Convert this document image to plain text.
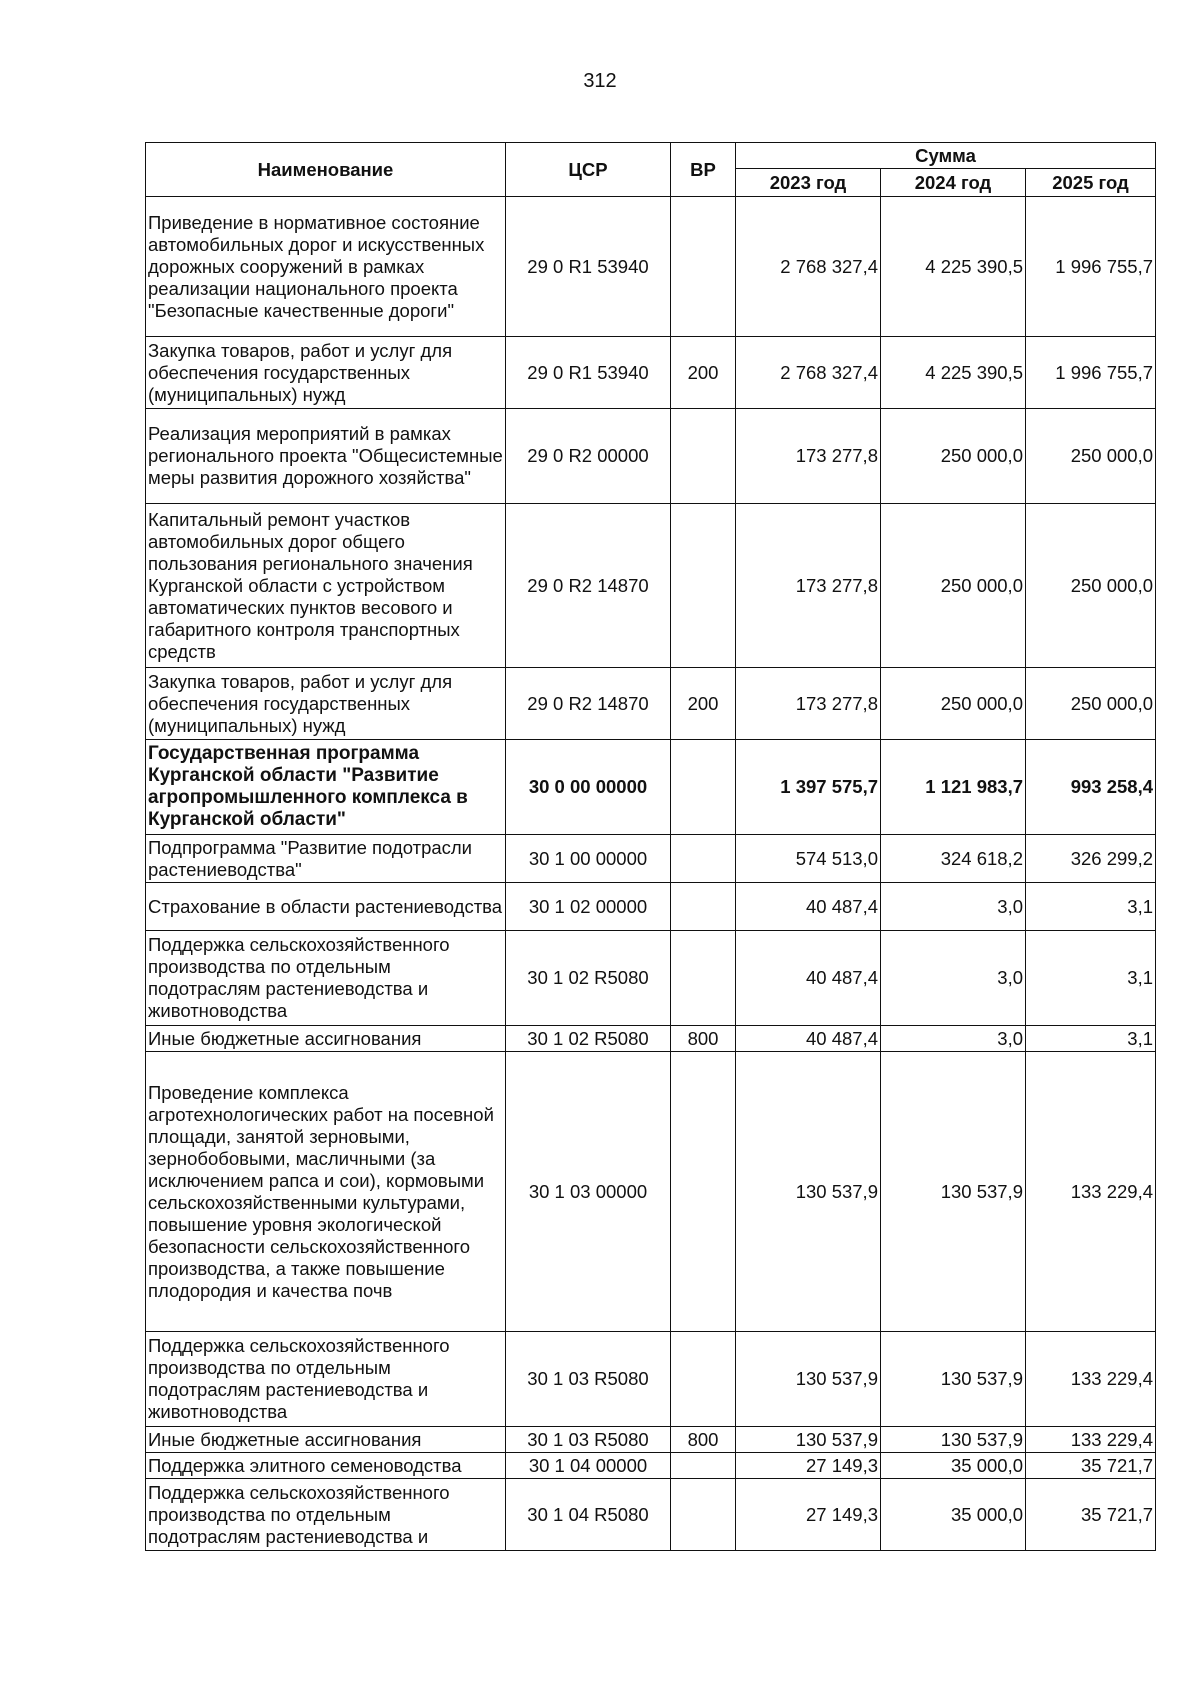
312
Наименование	ЦСР	ВР	Сумма		
			2023 год	2024 год	2025 год
Приведение в нормативное состояние автомобильных дорог и искусственных дорожных сооружений в рамках реализации национального проекта "Безопасные качественные дороги"	29 0 R1 53940		2 768 327,4	4 225 390,5	1 996 755,7
Закупка товаров, работ и услуг для обеспечения государственных (муниципальных) нужд	29 0 R1 53940	200	2 768 327,4	4 225 390,5	1 996 755,7
Реализация мероприятий в рамках регионального проекта "Общесистемные меры развития дорожного хозяйства"	29 0 R2 00000		173 277,8	250 000,0	250 000,0
Капитальный ремонт участков автомобильных дорог общего пользования регионального значения Курганской области с устройством автоматических пунктов весового и габаритного контроля транспортных средств	29 0 R2 14870		173 277,8	250 000,0	250 000,0
Закупка товаров, работ и услуг для обеспечения государственных (муниципальных) нужд	29 0 R2 14870	200	173 277,8	250 000,0	250 000,0
Государственная программа Курганской области "Развитие агропромышленного комплекса в Курганской области"	30 0 00 00000		1 397 575,7	1 121 983,7	993 258,4
Подпрограмма "Развитие подотрасли растениеводства"	30 1 00 00000		574 513,0	324 618,2	326 299,2
Страхование в области растениеводства	30 1 02 00000		40 487,4	3,0	3,1
Поддержка сельскохозяйственного производства по отдельным подотраслям растениеводства и животноводства	30 1 02 R5080		40 487,4	3,0	3,1
Иные бюджетные ассигнования	30 1 02 R5080	800	40 487,4	3,0	3,1
Проведение комплекса агротехнологических работ на посевной площади, занятой зерновыми, зернобобовыми, масличными (за исключением рапса и сои), кормовыми сельскохозяйственными культурами, повышение уровня экологической безопасности сельскохозяйственного производства, а также повышение плодородия и качества почв	30 1 03 00000		130 537,9	130 537,9	133 229,4
Поддержка сельскохозяйственного производства по отдельным подотраслям растениеводства и животноводства	30 1 03 R5080		130 537,9	130 537,9	133 229,4
Иные бюджетные ассигнования	30 1 03 R5080	800	130 537,9	130 537,9	133 229,4
Поддержка элитного семеноводства	30 1 04 00000		27 149,3	35 000,0	35 721,7
Поддержка сельскохозяйственного производства по отдельным подотраслям растениеводства и	30 1 04 R5080		27 149,3	35 000,0	35 721,7
